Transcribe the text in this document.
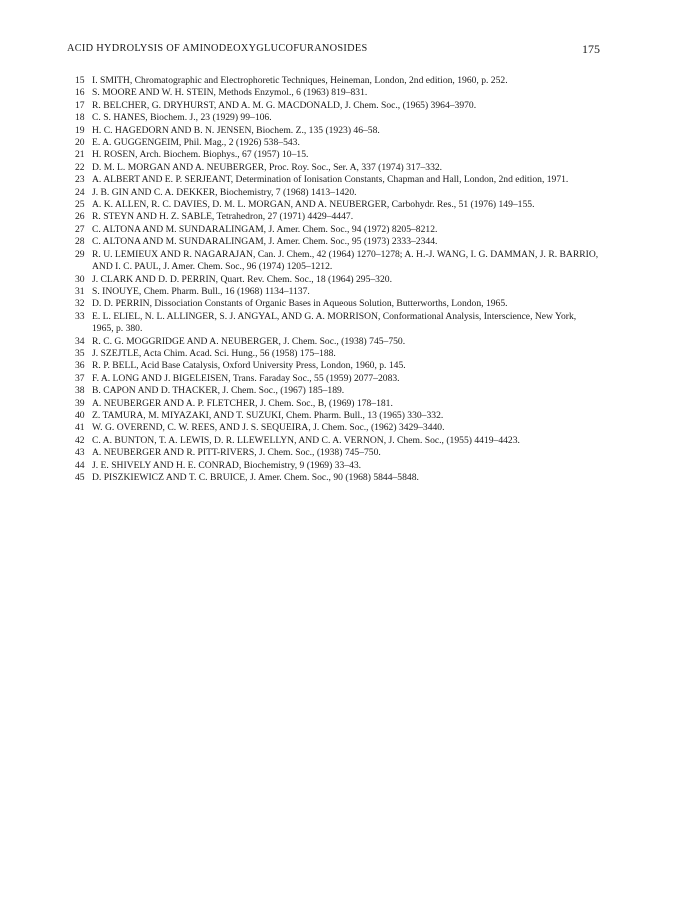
ACID HYDROLYSIS OF AMINODEOXYGLUCOFURANOSIDES	175
15 I. SMITH, Chromatographic and Electrophoretic Techniques, Heineman, London, 2nd edition, 1960, p. 252.
16 S. MOORE AND W. H. STEIN, Methods Enzymol., 6 (1963) 819–831.
17 R. BELCHER, G. DRYHURST, AND A. M. G. MACDONALD, J. Chem. Soc., (1965) 3964–3970.
18 C. S. HANES, Biochem. J., 23 (1929) 99–106.
19 H. C. HAGEDORN AND B. N. JENSEN, Biochem. Z., 135 (1923) 46–58.
20 E. A. GUGGENGEIM, Phil. Mag., 2 (1926) 538–543.
21 H. ROSEN, Arch. Biochem. Biophys., 67 (1957) 10–15.
22 D. M. L. MORGAN AND A. NEUBERGER, Proc. Roy. Soc., Ser. A, 337 (1974) 317–332.
23 A. ALBERT AND E. P. SERJEANT, Determination of Ionisation Constants, Chapman and Hall, London, 2nd edition, 1971.
24 J. B. GIN AND C. A. DEKKER, Biochemistry, 7 (1968) 1413–1420.
25 A. K. ALLEN, R. C. DAVIES, D. M. L. MORGAN, AND A. NEUBERGER, Carbohydr. Res., 51 (1976) 149–155.
26 R. STEYN AND H. Z. SABLE, Tetrahedron, 27 (1971) 4429–4447.
27 C. ALTONA AND M. SUNDARALINGAM, J. Amer. Chem. Soc., 94 (1972) 8205–8212.
28 C. ALTONA AND M. SUNDARALINGAM, J. Amer. Chem. Soc., 95 (1973) 2333–2344.
29 R. U. LEMIEUX AND R. NAGARAJAN, Can. J. Chem., 42 (1964) 1270–1278; A. H.-J. WANG, I. G. DAMMAN, J. R. BARRIO, AND I. C. PAUL, J. Amer. Chem. Soc., 96 (1974) 1205–1212.
30 J. CLARK AND D. D. PERRIN, Quart. Rev. Chem. Soc., 18 (1964) 295–320.
31 S. INOUYE, Chem. Pharm. Bull., 16 (1968) 1134–1137.
32 D. D. PERRIN, Dissociation Constants of Organic Bases in Aqueous Solution, Butterworths, London, 1965.
33 E. L. ELIEL, N. L. ALLINGER, S. J. ANGYAL, AND G. A. MORRISON, Conformational Analysis, Interscience, New York, 1965, p. 380.
34 R. C. G. MOGGRIDGE AND A. NEUBERGER, J. Chem. Soc., (1938) 745–750.
35 J. SZEJTLE, Acta Chim. Acad. Sci. Hung., 56 (1958) 175–188.
36 R. P. BELL, Acid Base Catalysis, Oxford University Press, London, 1960, p. 145.
37 F. A. LONG AND J. BIGELEISEN, Trans. Faraday Soc., 55 (1959) 2077–2083.
38 B. CAPON AND D. THACKER, J. Chem. Soc., (1967) 185–189.
39 A. NEUBERGER AND A. P. FLETCHER, J. Chem. Soc., B, (1969) 178–181.
40 Z. TAMURA, M. MIYAZAKI, AND T. SUZUKI, Chem. Pharm. Bull., 13 (1965) 330–332.
41 W. G. OVEREND, C. W. REES, AND J. S. SEQUEIRA, J. Chem. Soc., (1962) 3429–3440.
42 C. A. BUNTON, T. A. LEWIS, D. R. LLEWELLYN, AND C. A. VERNON, J. Chem. Soc., (1955) 4419–4423.
43 A. NEUBERGER AND R. PITT-RIVERS, J. Chem. Soc., (1938) 745–750.
44 J. E. SHIVELY AND H. E. CONRAD, Biochemistry, 9 (1969) 33–43.
45 D. PISZKIEWICZ AND T. C. BRUICE, J. Amer. Chem. Soc., 90 (1968) 5844–5848.
